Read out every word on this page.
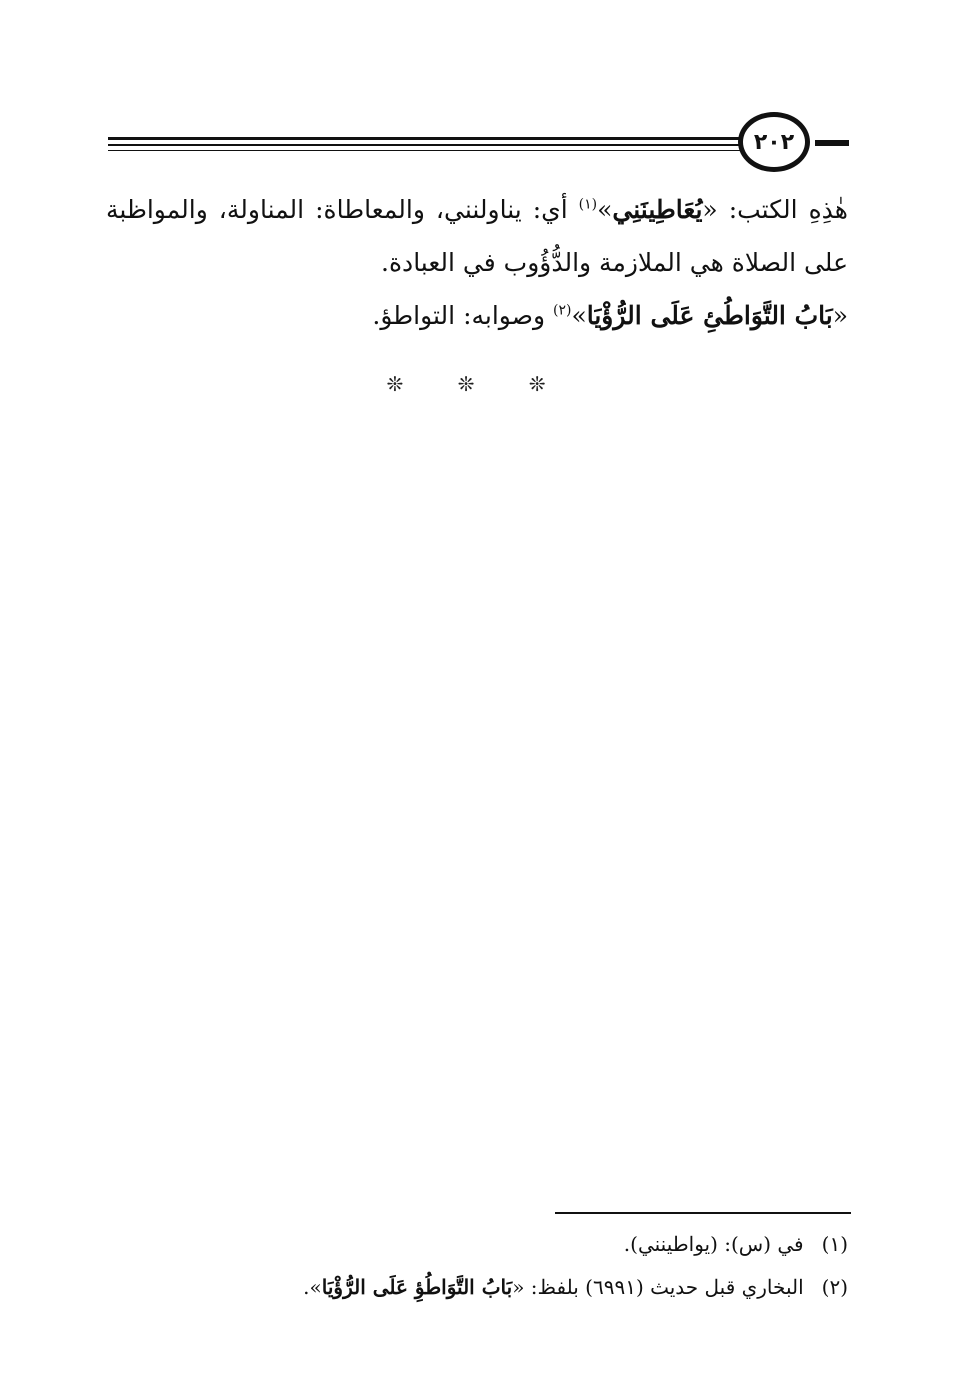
٢٠٢
هٰذِهِ الكتب: «يُعَاطِينَنِي»$^{(١)}$ أي: يناولنني، والمعاطاة: المناولة، والمواظبة
على الصلاة هي الملازمة والدُّؤُوب في العبادة.
«بَابُ التَّوَاطُئِ عَلَى الرُّؤْيَا»$^{(٢)}$ وصوابه: التواطؤ.
❊ ❊ ❊
(١)في (س): (يواطينني).
(٢)البخاري قبل حديث (٦٩٩١) بلفظ: «بَابُ التَّوَاطُؤِ عَلَى الرُّؤْيَا».
